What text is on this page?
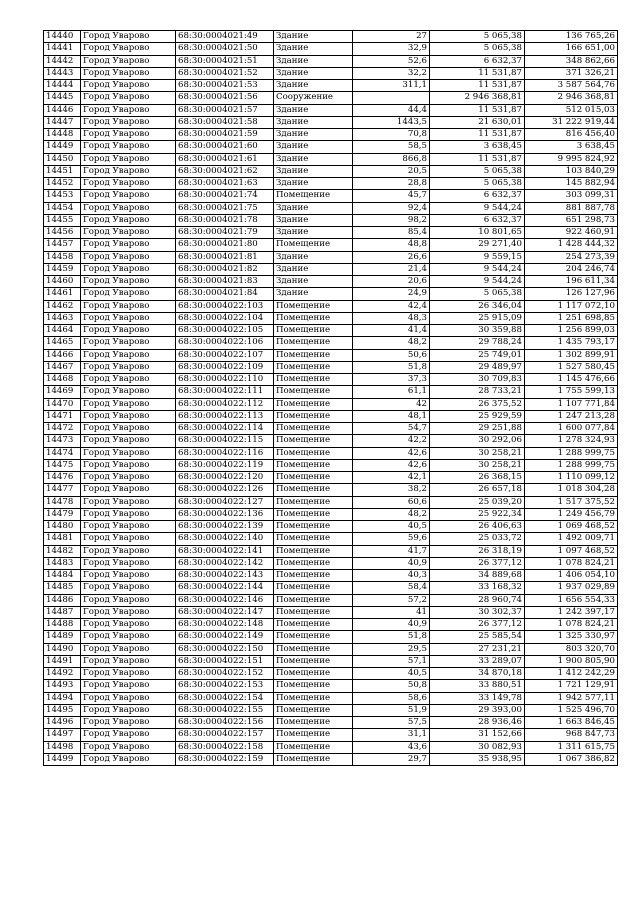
14440	Город Уварово	68:30:0004021:49	Здание	27	5 065,38	136 765,26
14441	Город Уварово	68:30:0004021:50	Здание	32,9	5 065,38	166 651,00
14442	Город Уварово	68:30:0004021:51	Здание	52,6	6 632,37	348 862,66
14443	Город Уварово	68:30:0004021:52	Здание	32,2	11 531,87	371 326,21
14444	Город Уварово	68:30:0004021:53	Здание	311,1	11 531,87	3 587 564,76
14445	Город Уварово	68:30:0004021:56	Сооружение		2 946 368,81	2 946 368,81
14446	Город Уварово	68:30:0004021:57	Здание	44,4	11 531,87	512 015,03
14447	Город Уварово	68:30:0004021:58	Здание	1443,5	21 630,01	31 222 919,44
14448	Город Уварово	68:30:0004021:59	Здание	70,8	11 531,87	816 456,40
14449	Город Уварово	68:30:0004021:60	Здание	58,5	3 638,45	3 638,45
14450	Город Уварово	68:30:0004021:61	Здание	866,8	11 531,87	9 995 824,92
14451	Город Уварово	68:30:0004021:62	Здание	20,5	5 065,38	103 840,29
14452	Город Уварово	68:30:0004021:63	Здание	28,8	5 065,38	145 882,94
14453	Город Уварово	68:30:0004021:74	Помещение	45,7	6 632,37	303 099,31
14454	Город Уварово	68:30:0004021:75	Здание	92,4	9 544,24	881 887,78
14455	Город Уварово	68:30:0004021:78	Здание	98,2	6 632,37	651 298,73
14456	Город Уварово	68:30:0004021:79	Здание	85,4	10 801,65	922 460,91
14457	Город Уварово	68:30:0004021:80	Помещение	48,8	29 271,40	1 428 444,32
14458	Город Уварово	68:30:0004021:81	Здание	26,6	9 559,15	254 273,39
14459	Город Уварово	68:30:0004021:82	Здание	21,4	9 544,24	204 246,74
14460	Город Уварово	68:30:0004021:83	Здание	20,6	9 544,24	196 611,34
14461	Город Уварово	68:30:0004021:84	Здание	24,9	5 065,38	126 127,96
14462	Город Уварово	68:30:0004022:103	Помещение	42,4	26 346,04	1 117 072,10
14463	Город Уварово	68:30:0004022:104	Помещение	48,3	25 915,09	1 251 698,85
14464	Город Уварово	68:30:0004022:105	Помещение	41,4	30 359,88	1 256 899,03
14465	Город Уварово	68:30:0004022:106	Помещение	48,2	29 788,24	1 435 793,17
14466	Город Уварово	68:30:0004022:107	Помещение	50,6	25 749,01	1 302 899,91
14467	Город Уварово	68:30:0004022:109	Помещение	51,8	29 489,97	1 527 580,45
14468	Город Уварово	68:30:0004022:110	Помещение	37,3	30 709,83	1 145 476,66
14469	Город Уварово	68:30:0004022:111	Помещение	61,1	28 733,21	1 755 599,13
14470	Город Уварово	68:30:0004022:112	Помещение	42	26 375,52	1 107 771,84
14471	Город Уварово	68:30:0004022:113	Помещение	48,1	25 929,59	1 247 213,28
14472	Город Уварово	68:30:0004022:114	Помещение	54,7	29 251,88	1 600 077,84
14473	Город Уварово	68:30:0004022:115	Помещение	42,2	30 292,06	1 278 324,93
14474	Город Уварово	68:30:0004022:116	Помещение	42,6	30 258,21	1 288 999,75
14475	Город Уварово	68:30:0004022:119	Помещение	42,6	30 258,21	1 288 999,75
14476	Город Уварово	68:30:0004022:120	Помещение	42,1	26 368,15	1 110 099,12
14477	Город Уварово	68:30:0004022:126	Помещение	38,2	26 657,18	1 018 304,28
14478	Город Уварово	68:30:0004022:127	Помещение	60,6	25 039,20	1 517 375,52
14479	Город Уварово	68:30:0004022:136	Помещение	48,2	25 922,34	1 249 456,79
14480	Город Уварово	68:30:0004022:139	Помещение	40,5	26 406,63	1 069 468,52
14481	Город Уварово	68:30:0004022:140	Помещение	59,6	25 033,72	1 492 009,71
14482	Город Уварово	68:30:0004022:141	Помещение	41,7	26 318,19	1 097 468,52
14483	Город Уварово	68:30:0004022:142	Помещение	40,9	26 377,12	1 078 824,21
14484	Город Уварово	68:30:0004022:143	Помещение	40,3	34 889,68	1 406 054,10
14485	Город Уварово	68:30:0004022:144	Помещение	58,4	33 168,32	1 937 029,89
14486	Город Уварово	68:30:0004022:146	Помещение	57,2	28 960,74	1 656 554,33
14487	Город Уварово	68:30:0004022:147	Помещение	41	30 302,37	1 242 397,17
14488	Город Уварово	68:30:0004022:148	Помещение	40,9	26 377,12	1 078 824,21
14489	Город Уварово	68:30:0004022:149	Помещение	51,8	25 585,54	1 325 330,97
14490	Город Уварово	68:30:0004022:150	Помещение	29,5	27 231,21	803 320,70
14491	Город Уварово	68:30:0004022:151	Помещение	57,1	33 289,07	1 900 805,90
14492	Город Уварово	68:30:0004022:152	Помещение	40,5	34 870,18	1 412 242,29
14493	Город Уварово	68:30:0004022:153	Помещение	50,8	33 880,51	1 721 129,91
14494	Город Уварово	68:30:0004022:154	Помещение	58,6	33 149,78	1 942 577,11
14495	Город Уварово	68:30:0004022:155	Помещение	51,9	29 393,00	1 525 496,70
14496	Город Уварово	68:30:0004022:156	Помещение	57,5	28 936,46	1 663 846,45
14497	Город Уварово	68:30:0004022:157	Помещение	31,1	31 152,66	968 847,73
14498	Город Уварово	68:30:0004022:158	Помещение	43,6	30 082,93	1 311 615,75
14499	Город Уварово	68:30:0004022:159	Помещение	29,7	35 938,95	1 067 386,82
